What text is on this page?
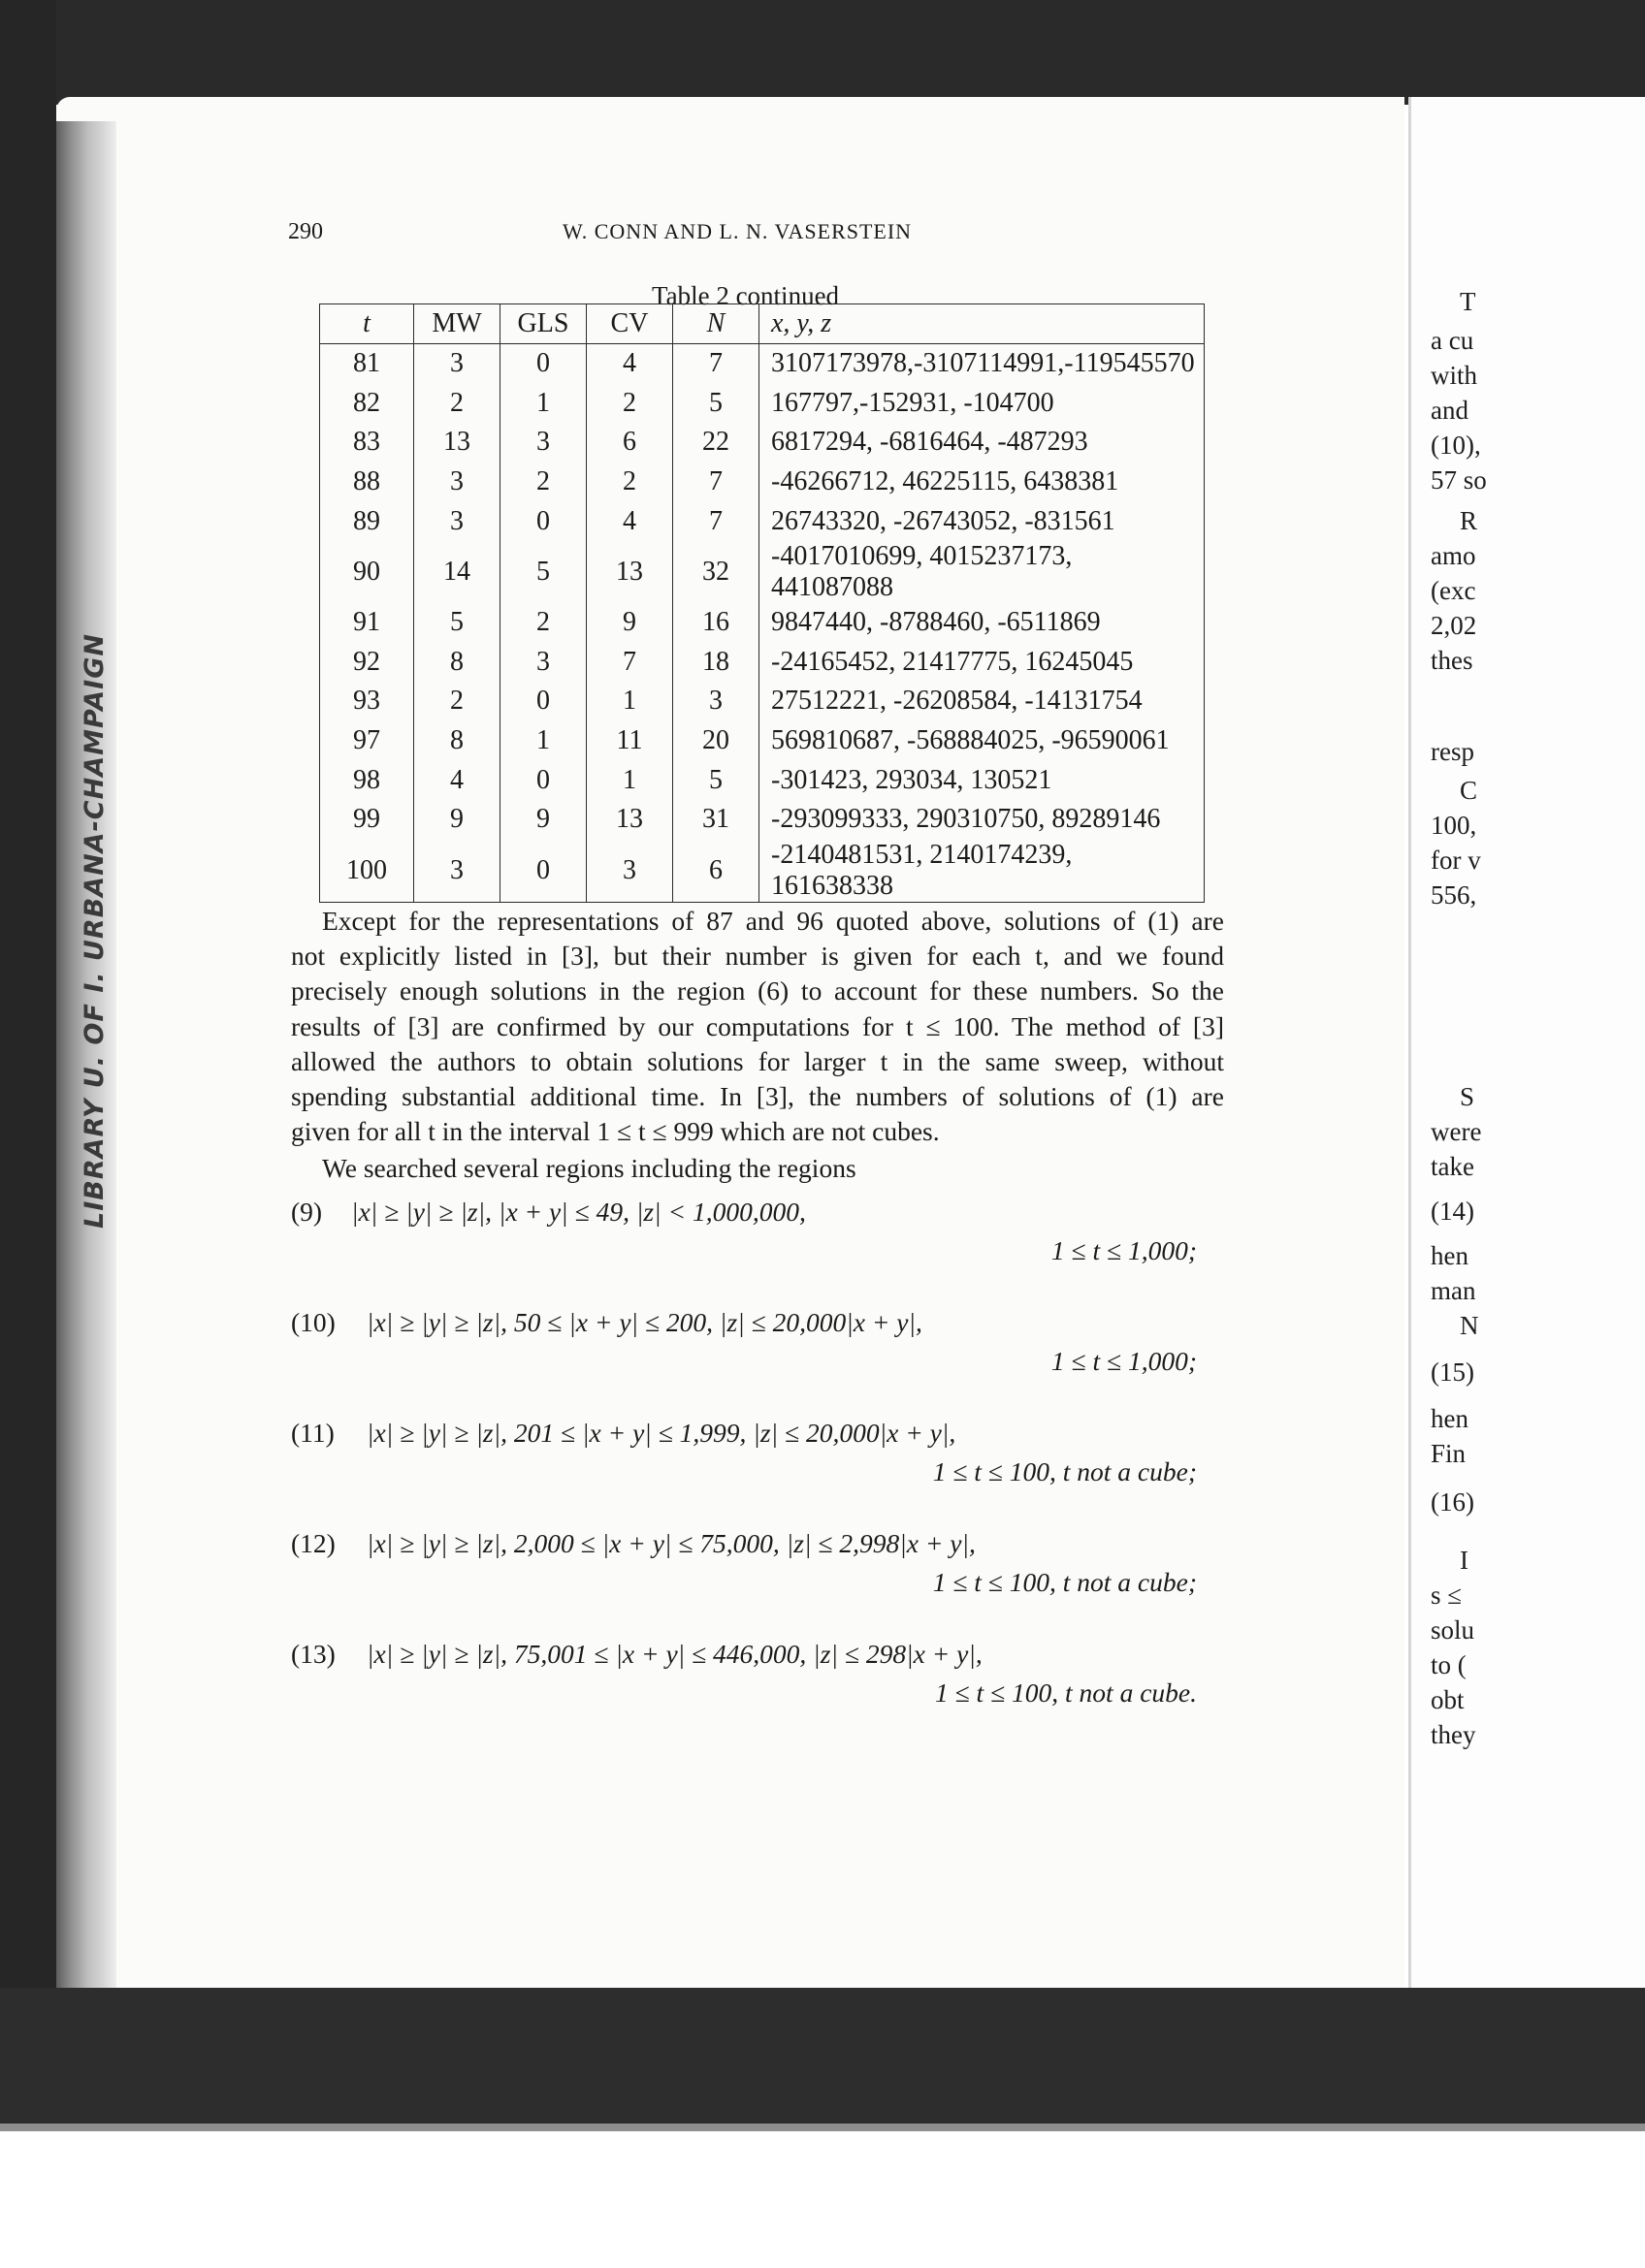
LIBRARY U. OF I. URBANA-CHAMPAIGN
T
a cu
with
and
(10),
57 so
R
amo
(exc
2,02
thes
resp
C
100,
for v
556,
S
were
take
(14)
hen
man
N
(15)
hen
Fin
(16)
I
s ≤
solu
to (
obt
they
290	W. CONN AND L. N. VASERSTEIN
Table 2 continued
t	MW	GLS	CV	N	x, y, z
81	3	0	4	7	3107173978,-3107114991,-119545570
82	2	1	2	5	167797,-152931, -104700
83	13	3	6	22	6817294, -6816464, -487293
88	3	2	2	7	-46266712, 46225115, 6438381
89	3	0	4	7	26743320, -26743052, -831561
90	14	5	13	32	-4017010699, 4015237173, 441087088
91	5	2	9	16	9847440, -8788460, -6511869
92	8	3	7	18	-24165452, 21417775, 16245045
93	2	0	1	3	27512221, -26208584, -14131754
97	8	1	11	20	569810687, -568884025, -96590061
98	4	0	1	5	-301423, 293034, 130521
99	9	9	13	31	-293099333, 290310750, 89289146
100	3	0	3	6	-2140481531, 2140174239, 161638338
Except for the representations of 87 and 96 quoted above, solutions of (1) are
not explicitly listed in [3], but their number is given for each t, and we found
precisely enough solutions in the region (6) to account for these numbers. So the
results of [3] are confirmed by our computations for t ≤ 100. The method of [3]
allowed the authors to obtain solutions for larger t in the same sweep, without
spending substantial additional time. In [3], the numbers of solutions of (1) are
given for all t in the interval 1 ≤ t ≤ 999 which are not cubes.
We searched several regions including the regions
(9) |x| ≥ |y| ≥ |z|, |x + y| ≤ 49, |z| < 1,000,000,
1 ≤ t ≤ 1,000;
(10) |x| ≥ |y| ≥ |z|, 50 ≤ |x + y| ≤ 200, |z| ≤ 20,000|x + y|,
1 ≤ t ≤ 1,000;
(11) |x| ≥ |y| ≥ |z|, 201 ≤ |x + y| ≤ 1,999, |z| ≤ 20,000|x + y|,
1 ≤ t ≤ 100, t not a cube;
(12) |x| ≥ |y| ≥ |z|, 2,000 ≤ |x + y| ≤ 75,000, |z| ≤ 2,998|x + y|,
1 ≤ t ≤ 100, t not a cube;
(13) |x| ≥ |y| ≥ |z|, 75,001 ≤ |x + y| ≤ 446,000, |z| ≤ 298|x + y|,
1 ≤ t ≤ 100, t not a cube.
